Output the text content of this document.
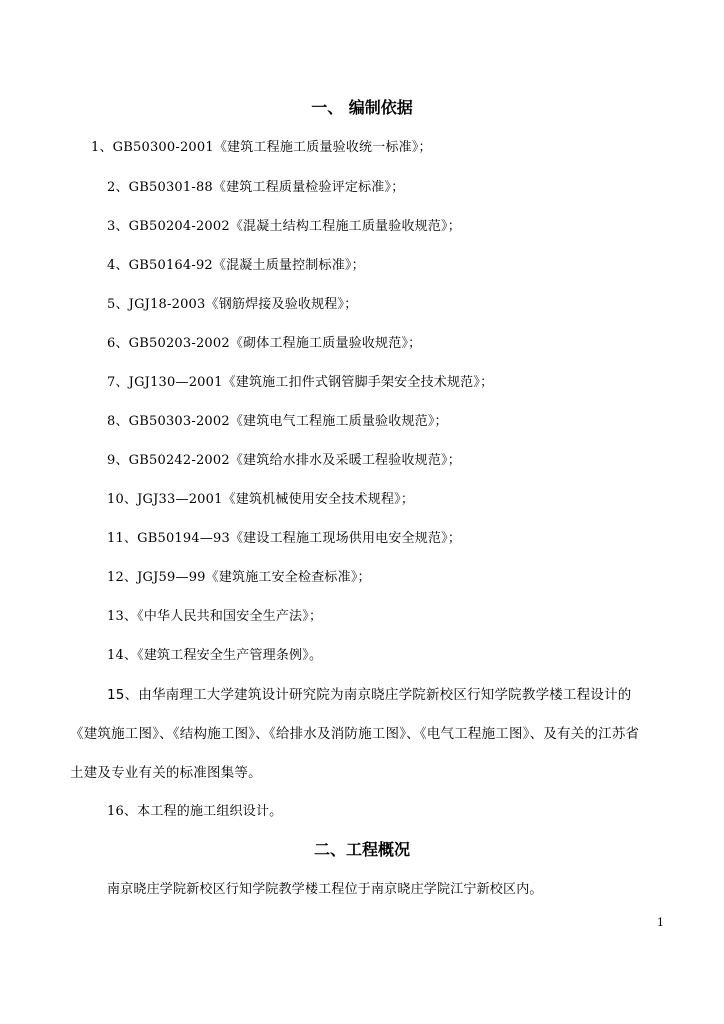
一、 编制依据
1、GB50300-2001《建筑工程施工质量验收统一标准》；
2、GB50301-88《建筑工程质量检验评定标准》；
3、GB50204-2002《混凝土结构工程施工质量验收规范》；
4、GB50164-92《混凝土质量控制标准》；
5、JGJ18-2003《钢筋焊接及验收规程》；
6、GB50203-2002《砌体工程施工质量验收规范》；
7、JGJ130—2001《建筑施工扣件式钢管脚手架安全技术规范》；
8、GB50303-2002《建筑电气工程施工质量验收规范》；
9、GB50242-2002《建筑给水排水及采暖工程验收规范》；
10、JGJ33—2001《建筑机械使用安全技术规程》；
11、GB50194—93《建设工程施工现场供用电安全规范》；
12、JGJ59—99《建筑施工安全检查标准》；
13、《中华人民共和国安全生产法》；
14、《建筑工程安全生产管理条例》。
15、由华南理工大学建筑设计研究院为南京晓庄学院新校区行知学院教学楼工程设计的
《建筑施工图》、《结构施工图》、《给排水及消防施工图》、《电气工程施工图》、及有关的江苏省
土建及专业有关的标准图集等。
16、本工程的施工组织设计。
二、工程概况
南京晓庄学院新校区行知学院教学楼工程位于南京晓庄学院江宁新校区内。
1
